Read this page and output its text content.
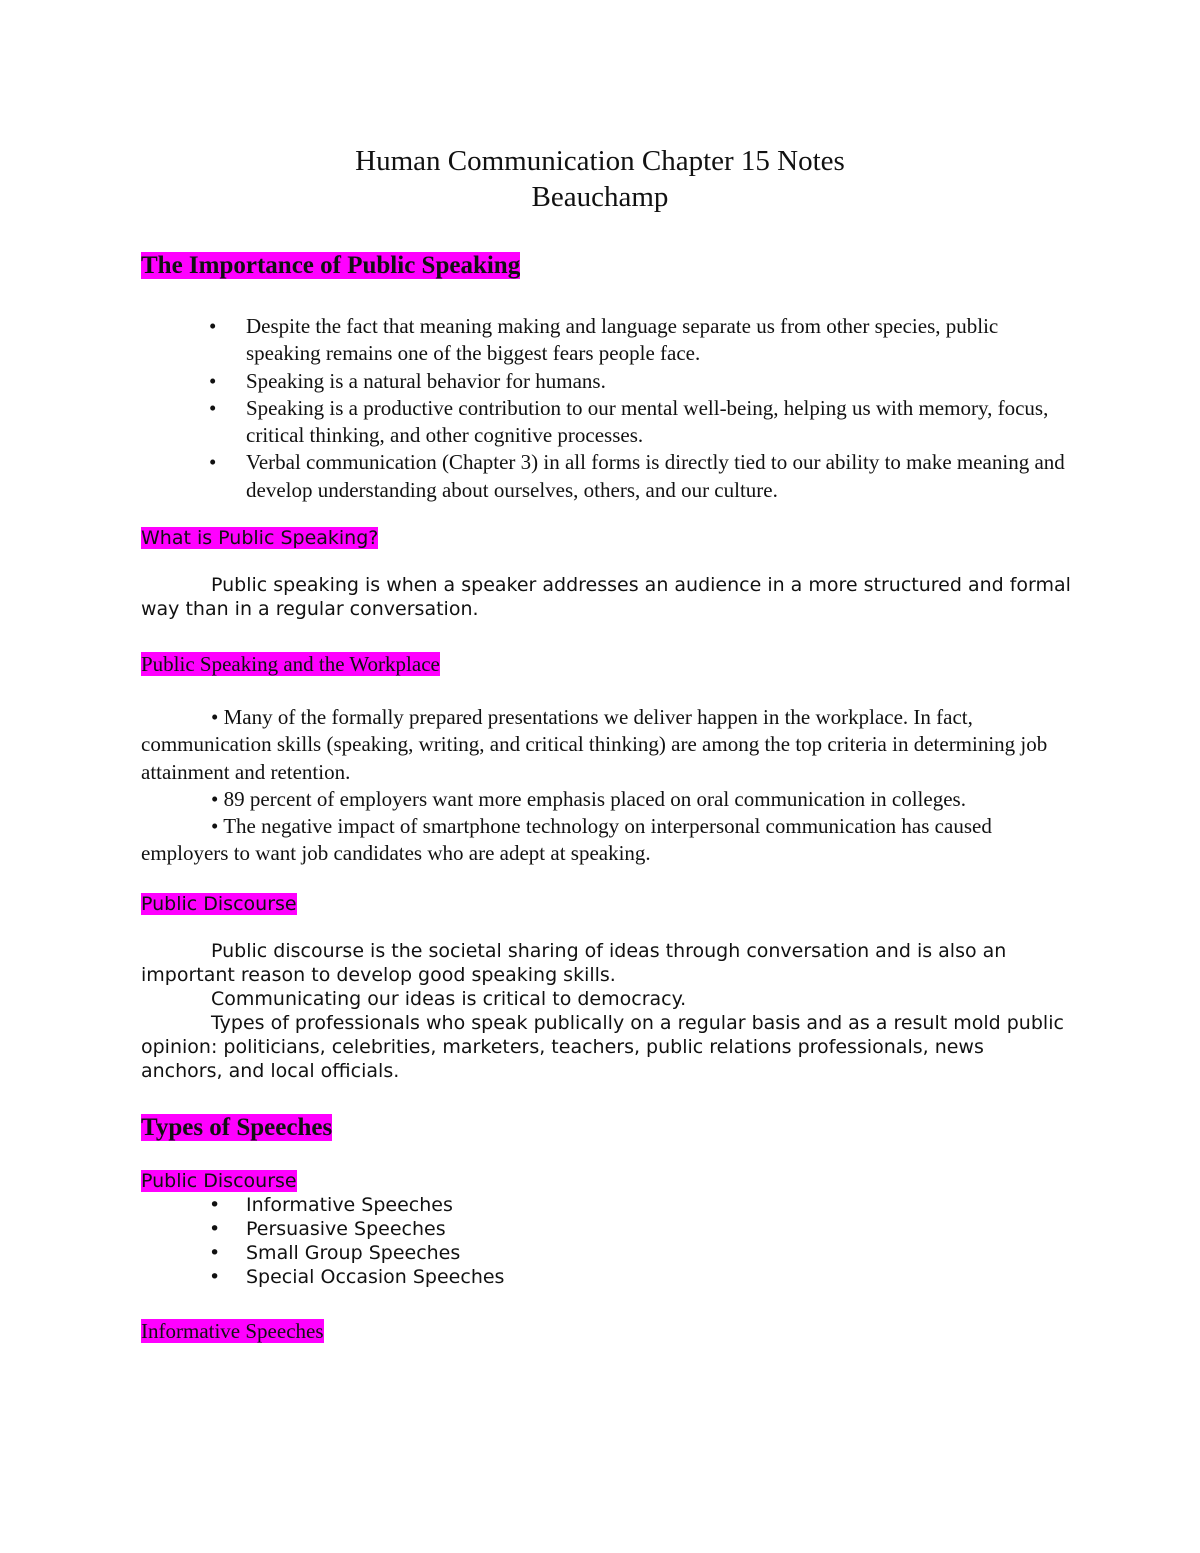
Human Communication Chapter 15 Notes
Beauchamp
The Importance of Public Speaking
• Despite the fact that meaning making and language separate us from other species, public speaking remains one of the biggest fears people face.
• Speaking is a natural behavior for humans.
• Speaking is a productive contribution to our mental well-being, helping us with memory, focus, critical thinking, and other cognitive processes.
• Verbal communication (Chapter 3) in all forms is directly tied to our ability to make meaning and develop understanding about ourselves, others, and our culture.
What is Public Speaking?

Public speaking is when a speaker addresses an audience in a more structured and formal way than in a regular conversation.

Public Speaking and the Workplace

• Many of the formally prepared presentations we deliver happen in the workplace. In fact, communication skills (speaking, writing, and critical thinking) are among the top criteria in determining job attainment and retention.

• 89 percent of employers want more emphasis placed on oral communication in colleges.

• The negative impact of smartphone technology on interpersonal communication has caused employers to want job candidates who are adept at speaking.

Public Discourse

Public discourse is the societal sharing of ideas through conversation and is also an important reason to develop good speaking skills.

Communicating our ideas is critical to democracy.

Types of professionals who speak publically on a regular basis and as a result mold public opinion: politicians, celebrities, marketers, teachers, public relations professionals, news anchors, and local officials.

Types of Speeches
Public Discourse
• Informative Speeches
• Persuasive Speeches
• Small Group Speeches
• Special Occasion Speeches
Informative Speeches
